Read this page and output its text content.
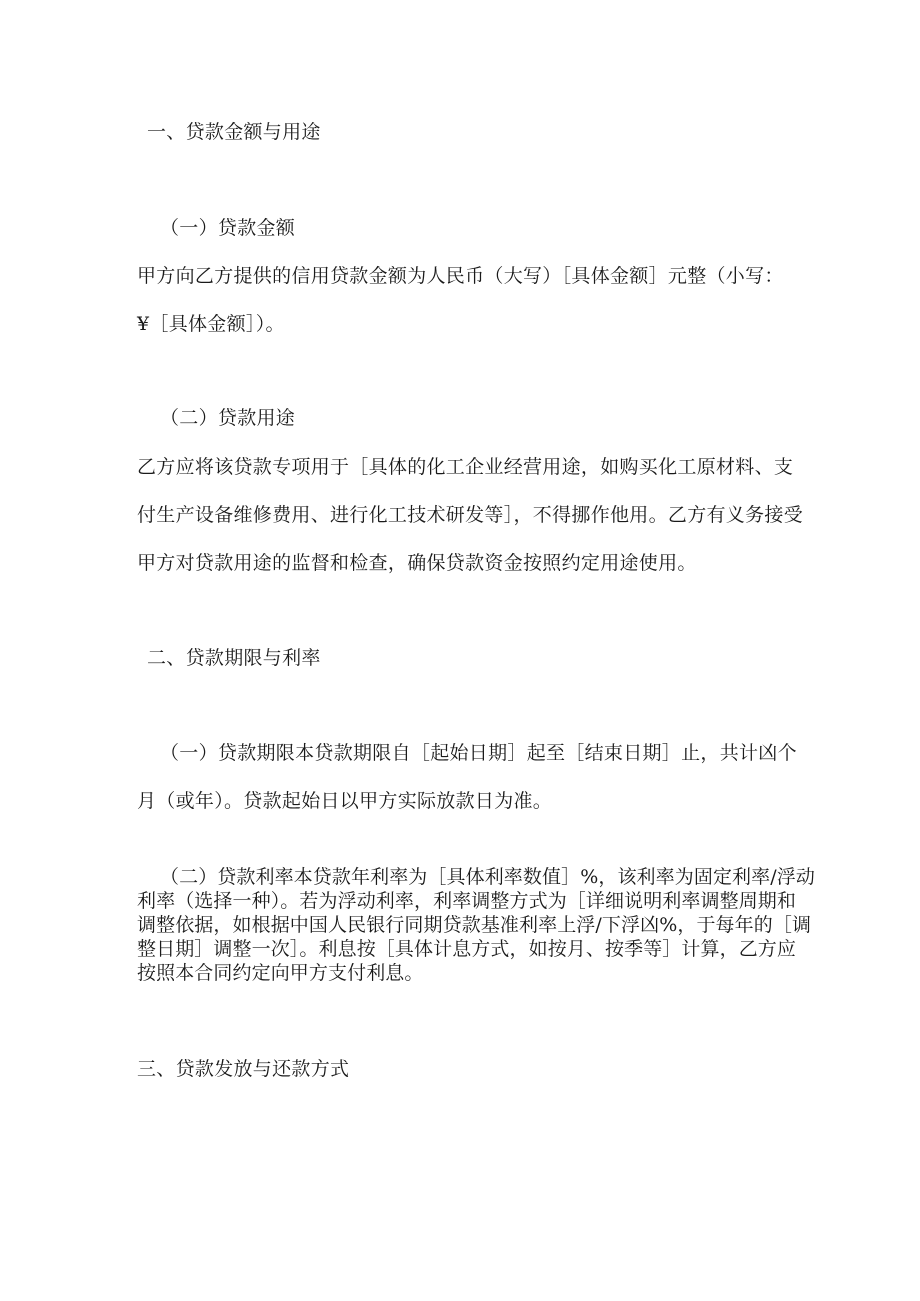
一、贷款金额与用途
（一）贷款金额
甲方向乙方提供的信用贷款金额为人民币（大写）［具体金额］元整（小写：
¥［具体金额］）。
（二）贷款用途
乙方应将该贷款专项用于［具体的化工企业经营用途，如购买化工原材料、支
付生产设备维修费用、进行化工技术研发等］，不得挪作他用。乙方有义务接受
甲方对贷款用途的监督和检查，确保贷款资金按照约定用途使用。
二、贷款期限与利率
（一）贷款期限本贷款期限自［起始日期］起至［结束日期］止，共计凶个
月（或年）。贷款起始日以甲方实际放款日为准。
（二）贷款利率本贷款年利率为［具体利率数值］%，该利率为固定利率/浮动
利率（选择一种）。若为浮动利率，利率调整方式为［详细说明利率调整周期和
调整依据，如根据中国人民银行同期贷款基准利率上浮/下浮凶%，于每年的［调
整日期］调整一次］。利息按［具体计息方式，如按月、按季等］计算，乙方应
按照本合同约定向甲方支付利息。
三、贷款发放与还款方式
